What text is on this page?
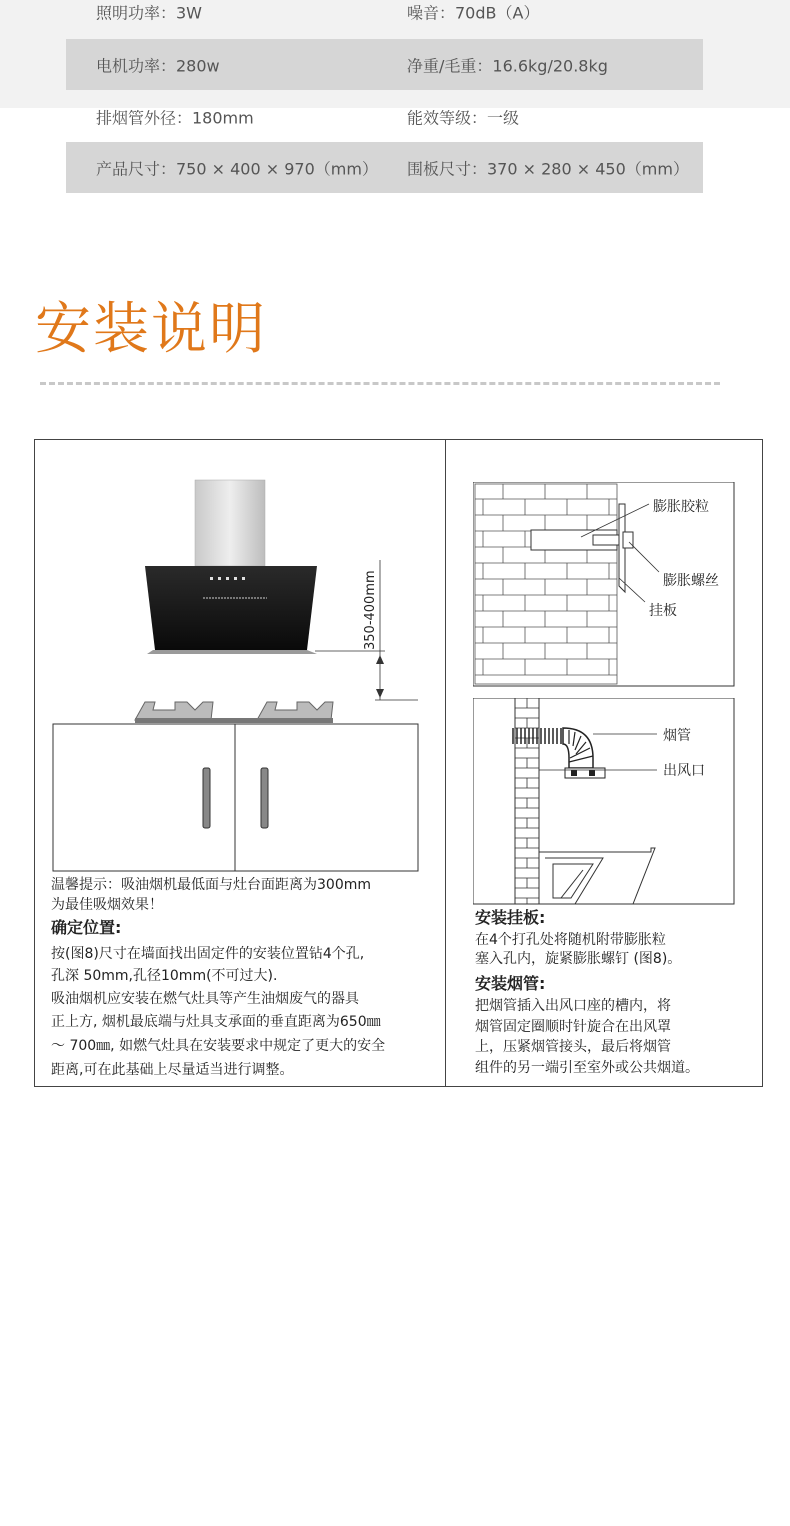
照明功率：3W	噪音：70dB（A）
电机功率：280w	净重/毛重：16.6kg/20.8kg
排烟管外径：180mm	能效等级：一级
产品尺寸：750 × 400 × 970（mm） 围板尺寸：370 × 280 × 450（mm）
安装说明
350-400mm
温馨提示：吸油烟机最低面与灶台面距离为300mm
为最佳吸烟效果！
确定位置:
按(图8)尺寸在墙面找出固定件的安装位置钻4个孔,
孔深 50mm,孔径10mm(不可过大).
吸油烟机应安装在燃气灶具等产生油烟废气的器具
正上方, 烟机最底端与灶具支承面的垂直距离为650㎜
～ 700㎜, 如燃气灶具在安装要求中规定了更大的安全
距离,可在此基础上尽量适当进行调整。
膨胀胶粒
膨胀螺丝
挂板
烟管
出风口
安装挂板:
在4个打孔处将随机附带膨胀粒
塞入孔内，旋紧膨胀螺钉 (图8)。
安装烟管:
把烟管插入出风口座的槽内，将
烟管固定圈顺时针旋合在出风罩
上，压紧烟管接头，最后将烟管
组件的另一端引至室外或公共烟道。
